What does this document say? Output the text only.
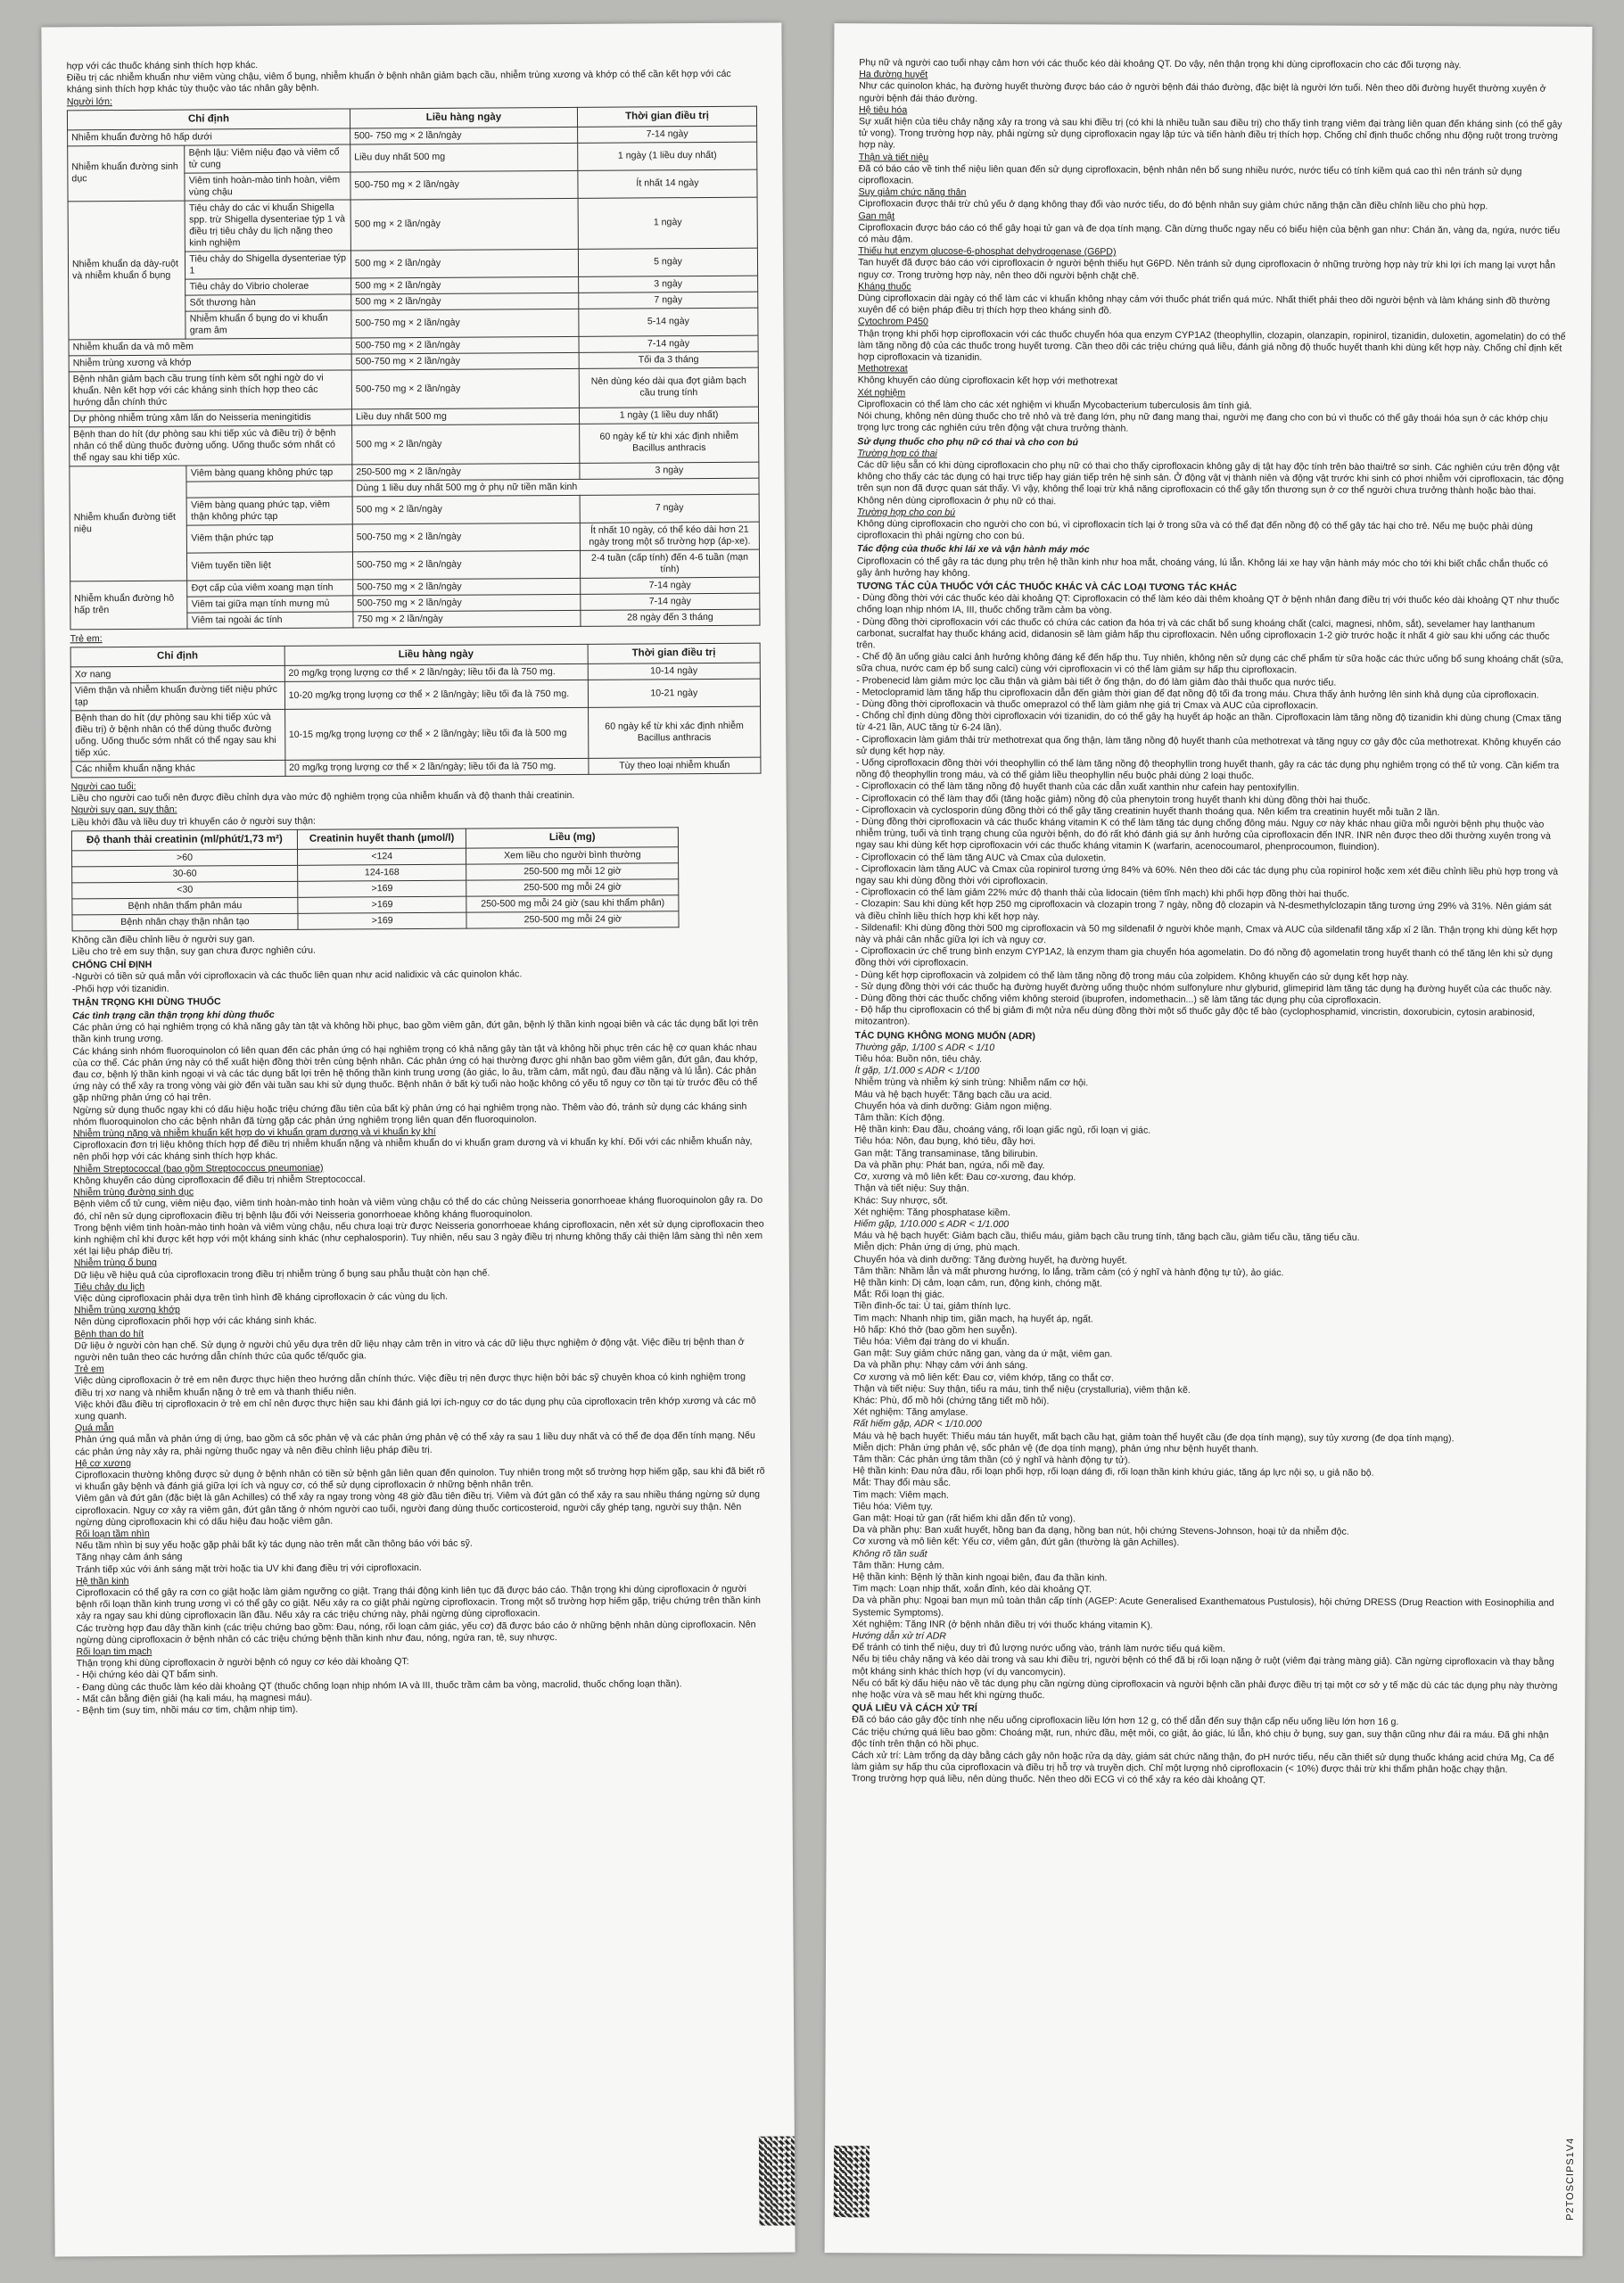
hợp với các thuốc kháng sinh thích hợp khác.

Điều trị các nhiễm khuẩn như viêm vùng chậu, viêm ổ bụng, nhiễm khuẩn ở bệnh nhân giảm bạch cầu, nhiễm trùng xương và khớp có thể cần kết hợp với các kháng sinh thích hợp khác tùy thuộc vào tác nhân gây bệnh.

Người lớn:

Chỉ định		Liều hàng ngày	Thời gian điều trị
Nhiễm khuẩn đường hô hấp dưới		500- 750 mg × 2 lần/ngày	7-14 ngày
Nhiễm khuẩn đường sinh dục	Bệnh lậu: Viêm niệu đạo và viêm cổ tử cung	Liều duy nhất 500 mg	1 ngày (1 liều duy nhất)
	Viêm tinh hoàn-mào tinh hoàn, viêm vùng chậu	500-750 mg × 2 lần/ngày	Ít nhất 14 ngày
Nhiễm khuẩn dạ dày-ruột và nhiễm khuẩn ổ bụng	Tiêu chảy do các vi khuẩn Shigella spp. trừ Shigella dysenteriae týp 1 và điều trị tiêu chảy du lịch nặng theo kinh nghiệm	500 mg × 2 lần/ngày	1 ngày
	Tiêu chảy do Shigella dysenteriae týp 1	500 mg × 2 lần/ngày	5 ngày
	Tiêu chảy do Vibrio cholerae	500 mg × 2 lần/ngày	3 ngày
	Sốt thương hàn	500 mg × 2 lần/ngày	7 ngày
	Nhiễm khuẩn ổ bụng do vi khuẩn gram âm	500-750 mg × 2 lần/ngày	5-14 ngày
Nhiễm khuẩn da và mô mềm		500-750 mg × 2 lần/ngày	7-14 ngày
Nhiễm trùng xương và khớp		500-750 mg × 2 lần/ngày	Tối đa 3 tháng
Bệnh nhân giảm bạch cầu trung tính kèm sốt nghi ngờ do vi khuẩn. Nên kết hợp với các kháng sinh thích hợp theo các hướng dẫn chính thức		500-750 mg × 2 lần/ngày	Nên dùng kéo dài qua đợt giảm bạch cầu trung tính
Dự phòng nhiễm trùng xâm lấn do Neisseria meningitidis		Liều duy nhất 500 mg	1 ngày (1 liều duy nhất)
Bệnh than do hít (dự phòng sau khi tiếp xúc và điều trị) ở bệnh nhân có thể dùng thuốc đường uống. Uống thuốc sớm nhất có thể ngay sau khi tiếp xúc.		500 mg × 2 lần/ngày	60 ngày kể từ khi xác định nhiễm Bacillus anthracis
Nhiễm khuẩn đường tiết niệu	Viêm bàng quang không phức tạp	250-500 mg × 2 lần/ngày	3 ngày
		Dùng 1 liều duy nhất 500 mg ở phụ nữ tiền mãn kinh	
	Viêm bàng quang phức tạp, viêm thận không phức tạp	500 mg × 2 lần/ngày	7 ngày
	Viêm thận phức tạp	500-750 mg × 2 lần/ngày	Ít nhất 10 ngày, có thể kéo dài hơn 21 ngày trong một số trường hợp (áp-xe).
	Viêm tuyến tiền liệt	500-750 mg × 2 lần/ngày	2-4 tuần (cấp tính) đến 4-6 tuần (mạn tính)
Nhiễm khuẩn đường hô hấp trên	Đợt cấp của viêm xoang mạn tính	500-750 mg × 2 lần/ngày	7-14 ngày
	Viêm tai giữa mạn tính mưng mủ	500-750 mg × 2 lần/ngày	7-14 ngày
	Viêm tai ngoài ác tính	750 mg × 2 lần/ngày	28 ngày đến 3 tháng

Trẻ em:

Chỉ định	Liều hàng ngày	Thời gian điều trị
Xơ nang	20 mg/kg trọng lượng cơ thể × 2 lần/ngày; liều tối đa là 750 mg.	10-14 ngày
Viêm thận và nhiễm khuẩn đường tiết niệu phức tạp	10-20 mg/kg trọng lượng cơ thể × 2 lần/ngày; liều tối đa là 750 mg.	10-21 ngày
Bệnh than do hít (dự phòng sau khi tiếp xúc và điều trị) ở bệnh nhân có thể dùng thuốc đường uống. Uống thuốc sớm nhất có thể ngay sau khi tiếp xúc.	10-15 mg/kg trọng lượng cơ thể × 2 lần/ngày; liều tối đa là 500 mg	60 ngày kể từ khi xác định nhiễm Bacillus anthracis
Các nhiễm khuẩn nặng khác	20 mg/kg trọng lượng cơ thể × 2 lần/ngày; liều tối đa là 750 mg.	Tùy theo loại nhiễm khuẩn

Người cao tuổi:

Liều cho người cao tuổi nên được điều chỉnh dựa vào mức độ nghiêm trọng của nhiễm khuẩn và độ thanh thải creatinin.

Người suy gan, suy thận:

Liều khởi đầu và liều duy trì khuyến cáo ở người suy thận:

Độ thanh thải creatinin (ml/phút/1,73 m²)	Creatinin huyết thanh (µmol/l)	Liều (mg)
>60	<124	Xem liều cho người bình thường
30-60	124-168	250-500 mg mỗi 12 giờ
<30	>169	250-500 mg mỗi 24 giờ
Bệnh nhân thẩm phân máu	>169	250-500 mg mỗi 24 giờ (sau khi thẩm phân)
Bệnh nhân chạy thận nhân tạo	>169	250-500 mg mỗi 24 giờ

Không cần điều chỉnh liều ở người suy gan.

Liều cho trẻ em suy thận, suy gan chưa được nghiên cứu.

CHỐNG CHỈ ĐỊNH

-Người có tiền sử quá mẫn với ciprofloxacin và các thuốc liên quan như acid nalidixic và các quinolon khác.

-Phối hợp với tizanidin.

THẬN TRỌNG KHI DÙNG THUỐC

Các tình trạng cần thận trọng khi dùng thuốc

Các phản ứng có hại nghiêm trọng có khả năng gây tàn tật và không hồi phục, bao gồm viêm gân, đứt gân, bệnh lý thần kinh ngoại biên và các tác dụng bất lợi trên thần kinh trung ương.

Các kháng sinh nhóm fluoroquinolon có liên quan đến các phản ứng có hại nghiêm trọng có khả năng gây tàn tật và không hồi phục trên các hệ cơ quan khác nhau của cơ thể. Các phản ứng này có thể xuất hiện đồng thời trên cùng bệnh nhân. Các phản ứng có hại thường được ghi nhận bao gồm viêm gân, đứt gân, đau khớp, đau cơ, bệnh lý thần kinh ngoại vi và các tác dụng bất lợi trên hệ thống thần kinh trung ương (ảo giác, lo âu, trầm cảm, mất ngủ, đau đầu nặng và lú lẫn). Các phản ứng này có thể xảy ra trong vòng vài giờ đến vài tuần sau khi sử dụng thuốc. Bệnh nhân ở bất kỳ tuổi nào hoặc không có yếu tố nguy cơ tồn tại từ trước đều có thể gặp những phản ứng có hại trên.

Ngừng sử dụng thuốc ngay khi có dấu hiệu hoặc triệu chứng đầu tiên của bất kỳ phản ứng có hại nghiêm trọng nào. Thêm vào đó, tránh sử dụng các kháng sinh nhóm fluoroquinolon cho các bệnh nhân đã từng gặp các phản ứng nghiêm trọng liên quan đến fluoroquinolon.

Nhiễm trùng nặng và nhiễm khuẩn kết hợp do vi khuẩn gram dương và vi khuẩn kỵ khí

Ciprofloxacin đơn trị liệu không thích hợp để điều trị nhiễm khuẩn nặng và nhiễm khuẩn do vi khuẩn gram dương và vi khuẩn kỵ khí. Đối với các nhiễm khuẩn này, nên phối hợp với các kháng sinh thích hợp khác.

Nhiễm Streptococcal (bao gồm Streptococcus pneumoniae)

Không khuyến cáo dùng ciprofloxacin để điều trị nhiễm Streptococcal.

Nhiễm trùng đường sinh dục

Bệnh viêm cổ tử cung, viêm niệu đạo, viêm tinh hoàn-mào tinh hoàn và viêm vùng chậu có thể do các chủng Neisseria gonorrhoeae kháng fluoroquinolon gây ra. Do đó, chỉ nên sử dụng ciprofloxacin điều trị bệnh lậu đối với Neisseria gonorrhoeae không kháng fluoroquinolon.

Trong bệnh viêm tinh hoàn-mào tinh hoàn và viêm vùng chậu, nếu chưa loại trừ được Neisseria gonorrhoeae kháng ciprofloxacin, nên xét sử dụng ciprofloxacin theo kinh nghiệm chỉ khi được kết hợp với một kháng sinh khác (như cephalosporin). Tuy nhiên, nếu sau 3 ngày điều trị nhưng không thấy cải thiện lâm sàng thì nên xem xét lại liệu pháp điều trị.

Nhiễm trùng ổ bụng

Dữ liệu về hiệu quả của ciprofloxacin trong điều trị nhiễm trùng ổ bụng sau phẫu thuật còn hạn chế.

Tiêu chảy du lịch

Việc dùng ciprofloxacin phải dựa trên tình hình đề kháng ciprofloxacin ở các vùng du lịch.

Nhiễm trùng xương khớp

Nên dùng ciprofloxacin phối hợp với các kháng sinh khác.

Bệnh than do hít

Dữ liệu ở người còn hạn chế. Sử dụng ở người chủ yếu dựa trên dữ liệu nhạy cảm trên in vitro và các dữ liệu thực nghiệm ở động vật. Việc điều trị bệnh than ở người nên tuân theo các hướng dẫn chính thức của quốc tế/quốc gia.

Trẻ em

Việc dùng ciprofloxacin ở trẻ em nên được thực hiện theo hướng dẫn chính thức. Việc điều trị nên được thực hiện bởi bác sỹ chuyên khoa có kinh nghiệm trong điều trị xơ nang và nhiễm khuẩn nặng ở trẻ em và thanh thiếu niên.

Việc khởi đầu điều trị ciprofloxacin ở trẻ em chỉ nên được thực hiện sau khi đánh giá lợi ích-nguy cơ do tác dụng phụ của ciprofloxacin trên khớp xương và các mô xung quanh.

Quá mẫn

Phản ứng quá mẫn và phản ứng dị ứng, bao gồm cả sốc phản vệ và các phản ứng phản vệ có thể xảy ra sau 1 liều duy nhất và có thể đe dọa đến tính mạng. Nếu các phản ứng này xảy ra, phải ngừng thuốc ngay và nên điều chỉnh liệu pháp điều trị.

Hệ cơ xương

Ciprofloxacin thường không được sử dụng ở bệnh nhân có tiền sử bệnh gân liên quan đến quinolon. Tuy nhiên trong một số trường hợp hiếm gặp, sau khi đã biết rõ vi khuẩn gây bệnh và đánh giá giữa lợi ích và nguy cơ, có thể sử dụng ciprofloxacin ở những bệnh nhân trên.

Viêm gân và đứt gân (đặc biệt là gân Achilles) có thể xảy ra ngay trong vòng 48 giờ đầu tiên điều trị. Viêm và đứt gân có thể xảy ra sau nhiều tháng ngừng sử dụng ciprofloxacin. Nguy cơ xảy ra viêm gân, đứt gân tăng ở nhóm người cao tuổi, người đang dùng thuốc corticosteroid, người cấy ghép tạng, người suy thận. Nên ngừng dùng ciprofloxacin khi có dấu hiệu đau hoặc viêm gân.

Rối loạn tầm nhìn

Nếu tầm nhìn bị suy yếu hoặc gặp phải bất kỳ tác dụng nào trên mắt cần thông báo với bác sỹ.

Tăng nhạy cảm ánh sáng

Tránh tiếp xúc với ánh sáng mặt trời hoặc tia UV khi đang điều trị với ciprofloxacin.

Hệ thần kinh

Ciprofloxacin có thể gây ra cơn co giật hoặc làm giảm ngưỡng co giật. Trạng thái động kinh liên tục đã được báo cáo. Thận trọng khi dùng ciprofloxacin ở người bệnh rối loạn thần kinh trung ương vì có thể gây co giật. Nếu xảy ra co giật phải ngừng ciprofloxacin. Trong một số trường hợp hiếm gặp, triệu chứng trên thần kinh xảy ra ngay sau khi dùng ciprofloxacin lần đầu. Nếu xảy ra các triệu chứng này, phải ngừng dùng ciprofloxacin.

Các trường hợp đau dây thần kinh (các triệu chứng bao gồm: Đau, nóng, rối loạn cảm giác, yếu cơ) đã được báo cáo ở những bệnh nhân dùng ciprofloxacin. Nên ngừng dùng ciprofloxacin ở bệnh nhân có các triệu chứng bệnh thần kinh như đau, nóng, ngứa ran, tê, suy nhược.

Rối loạn tim mạch

Thận trọng khi dùng ciprofloxacin ở người bệnh có nguy cơ kéo dài khoảng QT:

- Hội chứng kéo dài QT bẩm sinh.

- Đang dùng các thuốc làm kéo dài khoảng QT (thuốc chống loạn nhịp nhóm IA và III, thuốc trầm cảm ba vòng, macrolid, thuốc chống loạn thần).

- Mất cân bằng điện giải (hạ kali máu, hạ magnesi máu).

- Bệnh tim (suy tim, nhồi máu cơ tim, chậm nhịp tim).

Phụ nữ và người cao tuổi nhạy cảm hơn với các thuốc kéo dài khoảng QT. Do vậy, nên thận trọng khi dùng ciprofloxacin cho các đối tượng này.

Hạ đường huyết

Như các quinolon khác, hạ đường huyết thường được báo cáo ở người bệnh đái tháo đường, đặc biệt là người lớn tuổi. Nên theo dõi đường huyết thường xuyên ở người bệnh đái tháo đường.

Hệ tiêu hóa

Sự xuất hiện của tiêu chảy nặng xảy ra trong và sau khi điều trị (có khi là nhiều tuần sau điều trị) cho thấy tình trạng viêm đại tràng liên quan đến kháng sinh (có thể gây tử vong). Trong trường hợp này, phải ngừng sử dụng ciprofloxacin ngay lập tức và tiến hành điều trị thích hợp. Chống chỉ định thuốc chống nhu động ruột trong trường hợp này.

Thận và tiết niệu

Đã có báo cáo về tinh thể niệu liên quan đến sử dụng ciprofloxacin, bệnh nhân nên bổ sung nhiều nước, nước tiểu có tính kiềm quá cao thì nên tránh sử dụng ciprofloxacin.

Suy giảm chức năng thận

Ciprofloxacin được thải trừ chủ yếu ở dạng không thay đổi vào nước tiểu, do đó bệnh nhân suy giảm chức năng thận cần điều chỉnh liều cho phù hợp.

Gan mật

Ciprofloxacin được báo cáo có thể gây hoại tử gan và đe dọa tính mạng. Cần dừng thuốc ngay nếu có biểu hiện của bệnh gan như: Chán ăn, vàng da, ngứa, nước tiểu có màu đậm.

Thiếu hụt enzym glucose-6-phosphat dehydrogenase (G6PD)

Tan huyết đã được báo cáo với ciprofloxacin ở người bệnh thiếu hụt G6PD. Nên tránh sử dụng ciprofloxacin ở những trường hợp này trừ khi lợi ích mang lại vượt hẳn nguy cơ. Trong trường hợp này, nên theo dõi người bệnh chặt chẽ.

Kháng thuốc

Dùng ciprofloxacin dài ngày có thể làm các vi khuẩn không nhạy cảm với thuốc phát triển quá mức. Nhất thiết phải theo dõi người bệnh và làm kháng sinh đồ thường xuyên để có biện pháp điều trị thích hợp theo kháng sinh đồ.

Cytochrom P450

Thận trọng khi phối hợp ciprofloxacin với các thuốc chuyển hóa qua enzym CYP1A2 (theophyllin, clozapin, olanzapin, ropinirol, tizanidin, duloxetin, agomelatin) do có thể làm tăng nồng độ của các thuốc trong huyết tương. Cần theo dõi các triệu chứng quá liều, đánh giá nồng độ thuốc huyết thanh khi dùng kết hợp này. Chống chỉ định kết hợp ciprofloxacin và tizanidin.

Methotrexat

Không khuyến cáo dùng ciprofloxacin kết hợp với methotrexat

Xét nghiệm

Ciprofloxacin có thể làm cho các xét nghiệm vi khuẩn Mycobacterium tuberculosis âm tính giả.

Nói chung, không nên dùng thuốc cho trẻ nhỏ và trẻ đang lớn, phụ nữ đang mang thai, người mẹ đang cho con bú vì thuốc có thể gây thoái hóa sụn ở các khớp chịu trọng lực trong các nghiên cứu trên động vật chưa trưởng thành.

Sử dụng thuốc cho phụ nữ có thai và cho con bú

Trường hợp có thai

Các dữ liệu sẵn có khi dùng ciprofloxacin cho phụ nữ có thai cho thấy ciprofloxacin không gây dị tật hay độc tính trên bào thai/trẻ sơ sinh. Các nghiên cứu trên động vật không cho thấy các tác dụng có hại trực tiếp hay gián tiếp trên hệ sinh sản. Ở động vật vị thành niên và động vật trước khi sinh có phơi nhiễm với ciprofloxacin, tác động trên sụn non đã được quan sát thấy. Vì vậy, không thể loại trừ khả năng ciprofloxacin có thể gây tổn thương sụn ở cơ thể người chưa trưởng thành hoặc bào thai. Không nên dùng ciprofloxacin ở phụ nữ có thai.

Trường hợp cho con bú

Không dùng ciprofloxacin cho người cho con bú, vì ciprofloxacin tích lại ở trong sữa và có thể đạt đến nồng độ có thể gây tác hại cho trẻ. Nếu mẹ buộc phải dùng ciprofloxacin thì phải ngừng cho con bú.

Tác động của thuốc khi lái xe và vận hành máy móc

Ciprofloxacin có thể gây ra tác dụng phụ trên hệ thần kinh như hoa mắt, choáng váng, lú lẫn. Không lái xe hay vận hành máy móc cho tới khi biết chắc chắn thuốc có gây ảnh hưởng hay không.

TƯƠNG TÁC CỦA THUỐC VỚI CÁC THUỐC KHÁC VÀ CÁC LOẠI TƯƠNG TÁC KHÁC

- Dùng đồng thời với các thuốc kéo dài khoảng QT: Ciprofloxacin có thể làm kéo dài thêm khoảng QT ở bệnh nhân đang điều trị với thuốc kéo dài khoảng QT như thuốc chống loạn nhịp nhóm IA, III, thuốc chống trầm cảm ba vòng.

- Dùng đồng thời ciprofloxacin với các thuốc có chứa các cation đa hóa trị và các chất bổ sung khoáng chất (calci, magnesi, nhôm, sắt), sevelamer hay lanthanum carbonat, sucralfat hay thuốc kháng acid, didanosin sẽ làm giảm hấp thu ciprofloxacin. Nên uống ciprofloxacin 1-2 giờ trước hoặc ít nhất 4 giờ sau khi uống các thuốc trên.

- Chế độ ăn uống giàu calci ảnh hưởng không đáng kể đến hấp thu. Tuy nhiên, không nên sử dụng các chế phẩm từ sữa hoặc các thức uống bổ sung khoáng chất (sữa, sữa chua, nước cam ép bổ sung calci) cùng với ciprofloxacin vì có thể làm giảm sự hấp thu ciprofloxacin.

- Probenecid làm giảm mức lọc cầu thận và giảm bài tiết ở ống thận, do đó làm giảm đào thải thuốc qua nước tiểu.

- Metoclopramid làm tăng hấp thu ciprofloxacin dẫn đến giảm thời gian để đạt nồng độ tối đa trong máu. Chưa thấy ảnh hưởng lên sinh khả dụng của ciprofloxacin.

- Dùng đồng thời ciprofloxacin và thuốc omeprazol có thể làm giảm nhẹ giá trị Cmax và AUC của ciprofloxacin.

- Chống chỉ định dùng đồng thời ciprofloxacin với tizanidin, do có thể gây hạ huyết áp hoặc an thần. Ciprofloxacin làm tăng nồng độ tizanidin khi dùng chung (Cmax tăng từ 4-21 lần, AUC tăng từ 6-24 lần).

- Ciprofloxacin làm giảm thải trừ methotrexat qua ống thận, làm tăng nồng độ huyết thanh của methotrexat và tăng nguy cơ gây độc của methotrexat. Không khuyến cáo sử dụng kết hợp này.

- Uống ciprofloxacin đồng thời với theophyllin có thể làm tăng nồng độ theophyllin trong huyết thanh, gây ra các tác dụng phụ nghiêm trọng có thể tử vong. Cần kiểm tra nồng độ theophyllin trong máu, và có thể giảm liều theophyllin nếu buộc phải dùng 2 loại thuốc.

- Ciprofloxacin có thể làm tăng nồng độ huyết thanh của các dẫn xuất xanthin như cafein hay pentoxifyllin.

- Ciprofloxacin có thể làm thay đổi (tăng hoặc giảm) nồng độ của phenytoin trong huyết thanh khi dùng đồng thời hai thuốc.

- Ciprofloxacin và cyclosporin dùng đồng thời có thể gây tăng creatinin huyết thanh thoáng qua. Nên kiểm tra creatinin huyết mỗi tuần 2 lần.

- Dùng đồng thời ciprofloxacin và các thuốc kháng vitamin K có thể làm tăng tác dụng chống đông máu. Nguy cơ này khác nhau giữa mỗi người bệnh phụ thuộc vào nhiễm trùng, tuổi và tình trạng chung của người bệnh, do đó rất khó đánh giá sự ảnh hưởng của ciprofloxacin đến INR. INR nên được theo dõi thường xuyên trong và ngay sau khi dùng kết hợp ciprofloxacin với các thuốc kháng vitamin K (warfarin, acenocoumarol, phenprocoumon, fluindion).

- Ciprofloxacin có thể làm tăng AUC và Cmax của duloxetin.

- Ciprofloxacin làm tăng AUC và Cmax của ropinirol tương ứng 84% và 60%. Nên theo dõi các tác dụng phụ của ropinirol hoặc xem xét điều chỉnh liều phù hợp trong và ngay sau khi dùng đồng thời với ciprofloxacin.

- Ciprofloxacin có thể làm giảm 22% mức độ thanh thải của lidocain (tiêm tĩnh mạch) khi phối hợp đồng thời hai thuốc.

- Clozapin: Sau khi dùng kết hợp 250 mg ciprofloxacin và clozapin trong 7 ngày, nồng độ clozapin và N-desmethylclozapin tăng tương ứng 29% và 31%. Nên giám sát và điều chỉnh liều thích hợp khi kết hợp này.

- Sildenafil: Khi dùng đồng thời 500 mg ciprofloxacin và 50 mg sildenafil ở người khỏe mạnh, Cmax và AUC của sildenafil tăng xấp xỉ 2 lần. Thận trọng khi dùng kết hợp này và phải cân nhắc giữa lợi ích và nguy cơ.

- Ciprofloxacin ức chế trung bình enzym CYP1A2, là enzym tham gia chuyển hóa agomelatin. Do đó nồng độ agomelatin trong huyết thanh có thể tăng lên khi sử dụng đồng thời với ciprofloxacin.

- Dùng kết hợp ciprofloxacin và zolpidem có thể làm tăng nồng độ trong máu của zolpidem. Không khuyến cáo sử dụng kết hợp này.

- Sử dụng đồng thời với các thuốc hạ đường huyết đường uống thuộc nhóm sulfonylure như glyburid, glimepirid làm tăng tác dụng hạ đường huyết của các thuốc này.

- Dùng đồng thời các thuốc chống viêm không steroid (ibuprofen, indomethacin...) sẽ làm tăng tác dụng phụ của ciprofloxacin.

- Độ hấp thu ciprofloxacin có thể bị giảm đi một nửa nếu dùng đồng thời một số thuốc gây độc tế bào (cyclophosphamid, vincristin, doxorubicin, cytosin arabinosid, mitozantron).

TÁC DỤNG KHÔNG MONG MUỐN (ADR)

Thường gặp, 1/100 ≤ ADR < 1/10

Tiêu hóa: Buồn nôn, tiêu chảy.

Ít gặp, 1/1.000 ≤ ADR < 1/100

Nhiễm trùng và nhiễm ký sinh trùng: Nhiễm nấm cơ hội.

Máu và hệ bạch huyết: Tăng bạch cầu ưa acid.

Chuyển hóa và dinh dưỡng: Giảm ngon miệng.

Tâm thần: Kích động.

Hệ thần kinh: Đau đầu, choáng váng, rối loạn giấc ngủ, rối loạn vị giác.

Tiêu hóa: Nôn, đau bụng, khó tiêu, đầy hơi.

Gan mật: Tăng transaminase, tăng bilirubin.

Da và phần phụ: Phát ban, ngứa, nổi mề đay.

Cơ, xương và mô liên kết: Đau cơ-xương, đau khớp.

Thận và tiết niệu: Suy thận.

Khác: Suy nhược, sốt.

Xét nghiệm: Tăng phosphatase kiềm.

Hiếm gặp, 1/10.000 ≤ ADR < 1/1.000

Máu và hệ bạch huyết: Giảm bạch cầu, thiếu máu, giảm bạch cầu trung tính, tăng bạch cầu, giảm tiểu cầu, tăng tiểu cầu.

Miễn dịch: Phản ứng dị ứng, phù mạch.

Chuyển hóa và dinh dưỡng: Tăng đường huyết, hạ đường huyết.

Tâm thần: Nhầm lẫn và mất phương hướng, lo lắng, trầm cảm (có ý nghĩ và hành động tự tử), ảo giác.

Hệ thần kinh: Dị cảm, loạn cảm, run, động kinh, chóng mặt.

Mắt: Rối loạn thị giác.

Tiền đình-ốc tai: Ù tai, giảm thính lực.

Tim mạch: Nhanh nhịp tim, giãn mạch, hạ huyết áp, ngất.

Hô hấp: Khó thở (bao gồm hen suyễn).

Tiêu hóa: Viêm đại tràng do vi khuẩn.

Gan mật: Suy giảm chức năng gan, vàng da ứ mật, viêm gan.

Da và phần phụ: Nhạy cảm với ánh sáng.

Cơ xương và mô liên kết: Đau cơ, viêm khớp, tăng co thắt cơ.

Thận và tiết niệu: Suy thận, tiểu ra máu, tinh thể niệu (crystalluria), viêm thận kẽ.

Khác: Phù, đổ mồ hôi (chứng tăng tiết mồ hôi).

Xét nghiệm: Tăng amylase.

Rất hiếm gặp, ADR < 1/10.000

Máu và hệ bạch huyết: Thiếu máu tán huyết, mất bạch cầu hạt, giảm toàn thể huyết cầu (đe dọa tính mạng), suy tủy xương (đe dọa tính mạng).

Miễn dịch: Phản ứng phản vệ, sốc phản vệ (đe dọa tính mạng), phản ứng như bệnh huyết thanh.

Tâm thần: Các phản ứng tâm thần (có ý nghĩ và hành động tự tử).

Hệ thần kinh: Đau nửa đầu, rối loạn phối hợp, rối loạn dáng đi, rối loạn thần kinh khứu giác, tăng áp lực nội sọ, u giả não bộ.

Mắt: Thay đổi màu sắc.

Tim mạch: Viêm mạch.

Tiêu hóa: Viêm tụy.

Gan mật: Hoại tử gan (rất hiếm khi dẫn đến tử vong).

Da và phần phụ: Ban xuất huyết, hồng ban đa dạng, hồng ban nút, hội chứng Stevens-Johnson, hoại tử da nhiễm độc.

Cơ xương và mô liên kết: Yếu cơ, viêm gân, đứt gân (thường là gân Achilles).

Không rõ tần suất

Tâm thần: Hưng cảm.

Hệ thần kinh: Bệnh lý thần kinh ngoại biên, đau đa thần kinh.

Tim mạch: Loạn nhịp thất, xoắn đỉnh, kéo dài khoảng QT.

Da và phần phụ: Ngoại ban mụn mủ toàn thân cấp tính (AGEP: Acute Generalised Exanthematous Pustulosis), hội chứng DRESS (Drug Reaction with Eosinophilia and Systemic Symptoms).

Xét nghiệm: Tăng INR (ở bệnh nhân điều trị với thuốc kháng vitamin K).

Hướng dẫn xử trí ADR

Để tránh có tinh thể niệu, duy trì đủ lượng nước uống vào, tránh làm nước tiểu quá kiềm.

Nếu bị tiêu chảy nặng và kéo dài trong và sau khi điều trị, người bệnh có thể đã bị rối loạn nặng ở ruột (viêm đại tràng màng giả). Cần ngừng ciprofloxacin và thay bằng một kháng sinh khác thích hợp (ví dụ vancomycin).

Nếu có bất kỳ dấu hiệu nào về tác dụng phụ cần ngừng dùng ciprofloxacin và người bệnh cần phải được điều trị tại một cơ sở y tế mặc dù các tác dụng phụ này thường nhẹ hoặc vừa và sẽ mau hết khi ngừng thuốc.

QUÁ LIỀU VÀ CÁCH XỬ TRÍ

Đã có báo cáo gây độc tính nhẹ nếu uống ciprofloxacin liều lớn hơn 12 g, có thể dẫn đến suy thận cấp nếu uống liều lớn hơn 16 g.

Các triệu chứng quá liều bao gồm: Choáng mặt, run, nhức đầu, mệt mỏi, co giật, ảo giác, lú lẫn, khó chịu ở bụng, suy gan, suy thận cũng như đái ra máu. Đã ghi nhận độc tính trên thận có hồi phục.

Cách xử trí: Làm trống dạ dày bằng cách gây nôn hoặc rửa dạ dày, giám sát chức năng thận, đo pH nước tiểu, nếu cần thiết sử dụng thuốc kháng acid chứa Mg, Ca để làm giảm sự hấp thu của ciprofloxacin và điều trị hỗ trợ và truyền dịch. Chỉ một lượng nhỏ ciprofloxacin (< 10%) được thải trừ khi thẩm phân hoặc chạy thận.

Trong trường hợp quá liều, nên dùng thuốc. Nên theo dõi ECG vì có thể xảy ra kéo dài khoảng QT.

P2TOSCIPS1V4
